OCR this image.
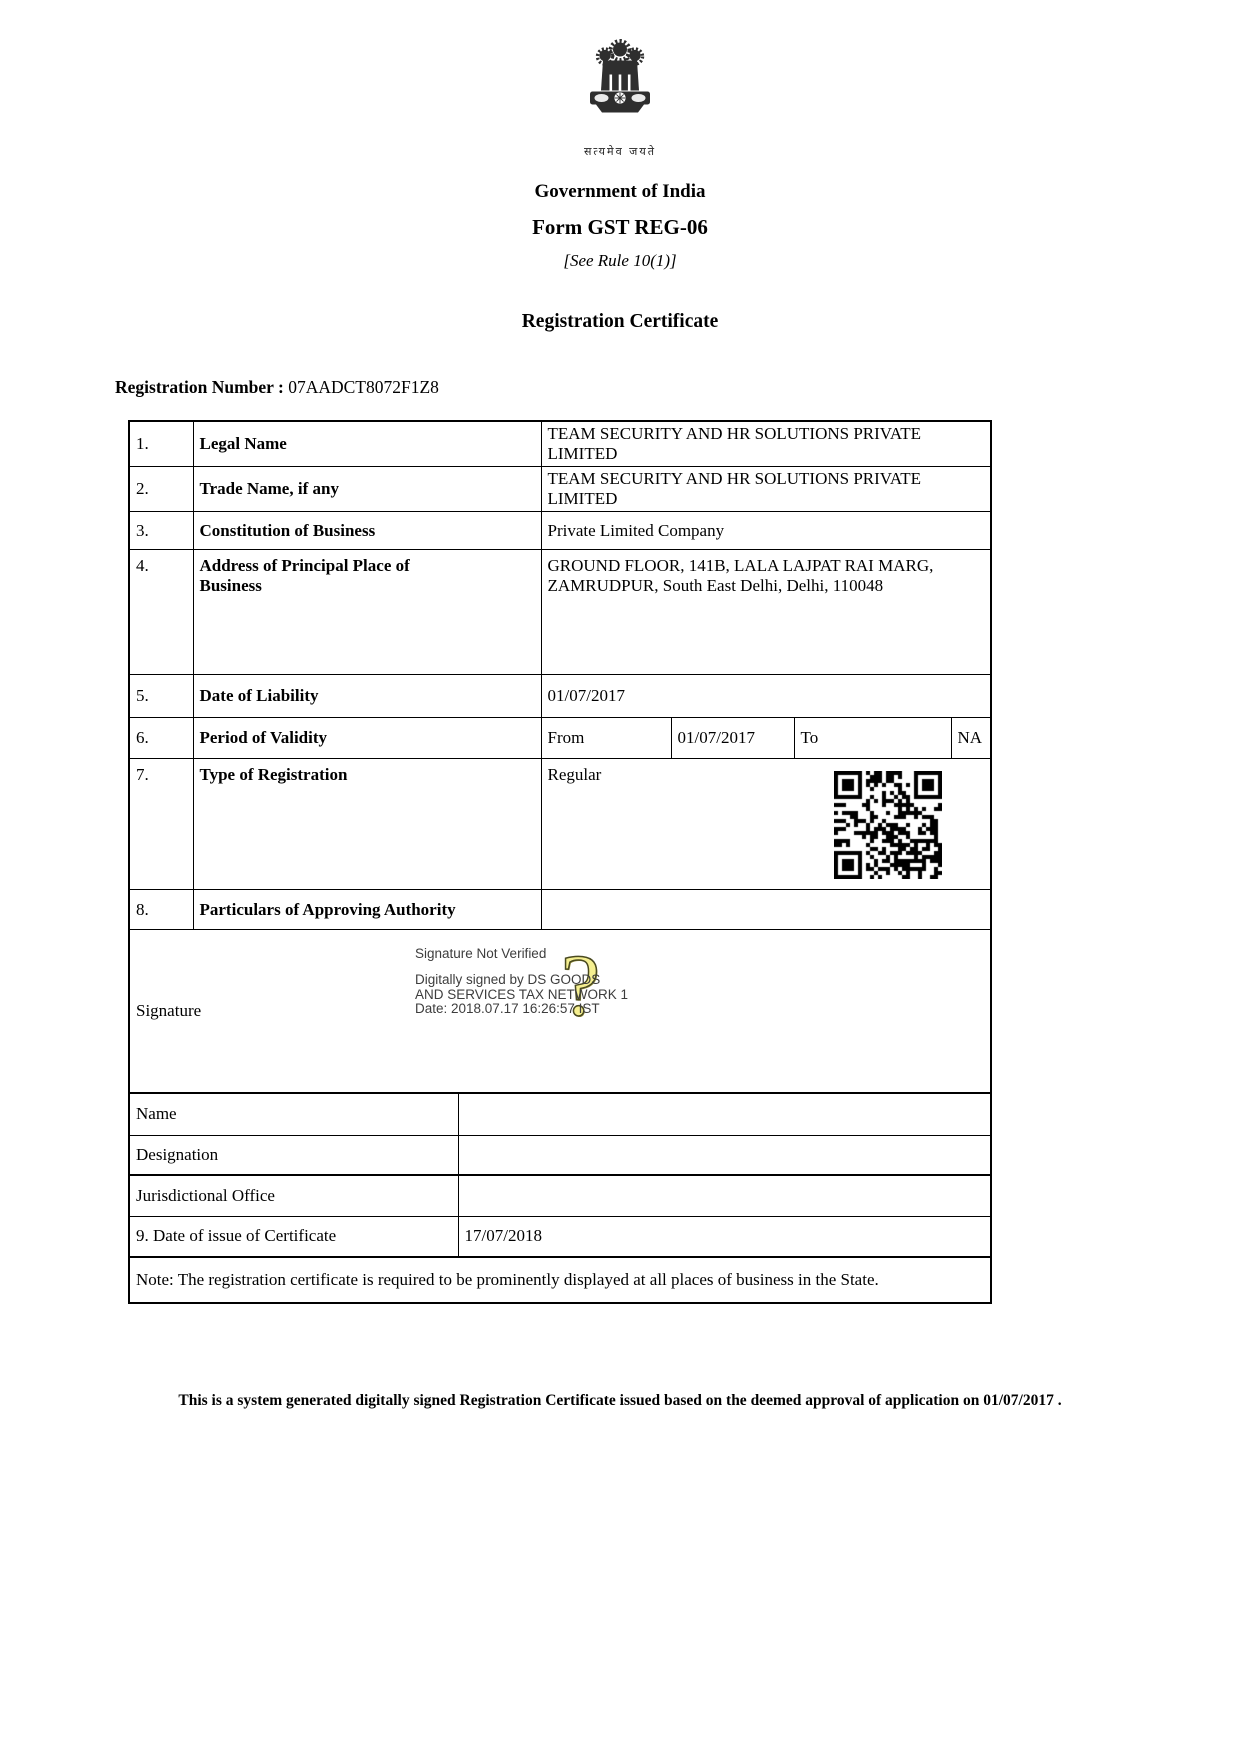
सत्यमेव जयते
Government of India
Form GST REG-06
[See Rule 10(1)]
Registration Certificate
Registration Number : 07AADCT8072F1Z8
1.	Legal Name		TEAM SECURITY AND HR SOLUTIONS PRIVATE LIMITED			
2.	Trade Name, if any		TEAM SECURITY AND HR SOLUTIONS PRIVATE LIMITED			
3.	Constitution of Business		Private Limited Company			
4.	Address of Principal Place of Business		GROUND FLOOR, 141B, LALA LAJPAT RAI MARG, ZAMRUDPUR, South East Delhi, Delhi, 110048			

5.	Date of Liability		01/07/2017			
6.	Period of Validity		From	01/07/2017	To	NA
7.	Type of Registration		Regular			

8.	Particulars of Approving Authority					
Signature	?
Signature Not Verified
Digitally signed by DS GOODS
AND SERVICES TAX NETWORK 1
Date: 2018.07.17 16:26:57 IST

Name						
Designation						
Jurisdictional Office						
9. Date of issue of Certificate		17/07/2018				
Note: The registration certificate is required to be prominently displayed at all places of business in the State.						
This is a system generated digitally signed Registration Certificate issued based on the deemed approval of application on 01/07/2017 .
